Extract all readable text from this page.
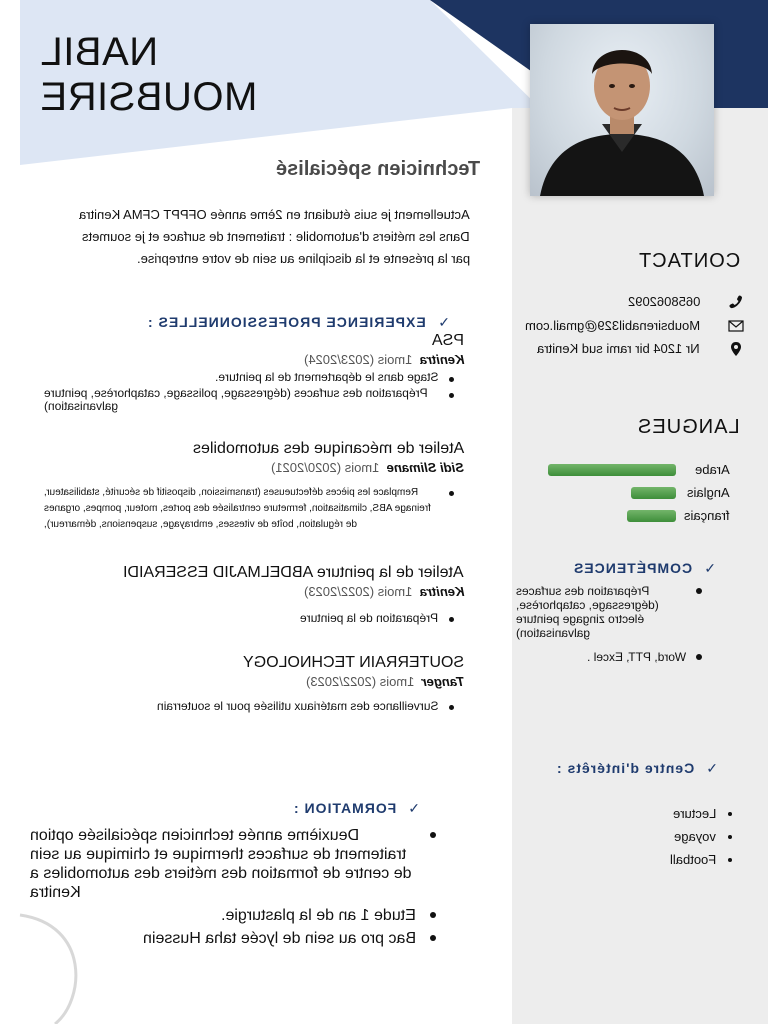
NABIL MOUBSIRE
Technicien spécialisé
Actuellement je suis étudiant en 2ème année OFPPT CFMA Kenitra
Dans les métiers d'automobile : traitement de surface et je soumets
par la présente et la discipline au sein de votre entreprise.	CONTACT
0658062092
Moubsirenabil329@gmail.com
Nr 1204 bir rami sud Kenitra
LANGUES
Arabe
Anglais
français
COMPÉTENCES   ✓
Préparation des surfaces (dégressage, cataphorèse, électro zingage peinture galvanisation)
Word, PTT, Excel .
Centre d'intérêts :   ✓
Lecture
voyage
Football
EXPERIENCE PROFESSIONNELLES :   ✓
PSA
Kenitra  1mois (2023/2024)
Stage dans le département de la peinture.
Préparation des surfaces (dégressage, polissage, cataphorèse, peinture galvanisation)
Atelier de mécanique des automobiles
Sidi Slimane  1mois (2020/2021)
Remplace les pièces défectueuses (transmission, dispositif de sécurité, stabilisateur, freinage ABS, climatisation, fermeture centralisée des portes, moteur, pompes, organes de régulation, boîte de vitesses, embrayage, suspensions, démarreur),
Atelier de la peinture ABDELMAJID ESSERAIDI
Kenitra  1mois (2022/2023)
Préparation de la peinture
SOUTERRAIN TECHNOLOGY
Tanger  1mois (2022/2023)
Surveillance des matériaux utilisée pour le souterrain
FORMATION :   ✓
Deuxième année technicien spécialisée option traitement de surfaces thermique et chimique au sein de centre de formation des métiers des automobiles a Kenitra
Etude 1 an de la plasturgie.
Bac pro au sein de lycée taha Hussein
